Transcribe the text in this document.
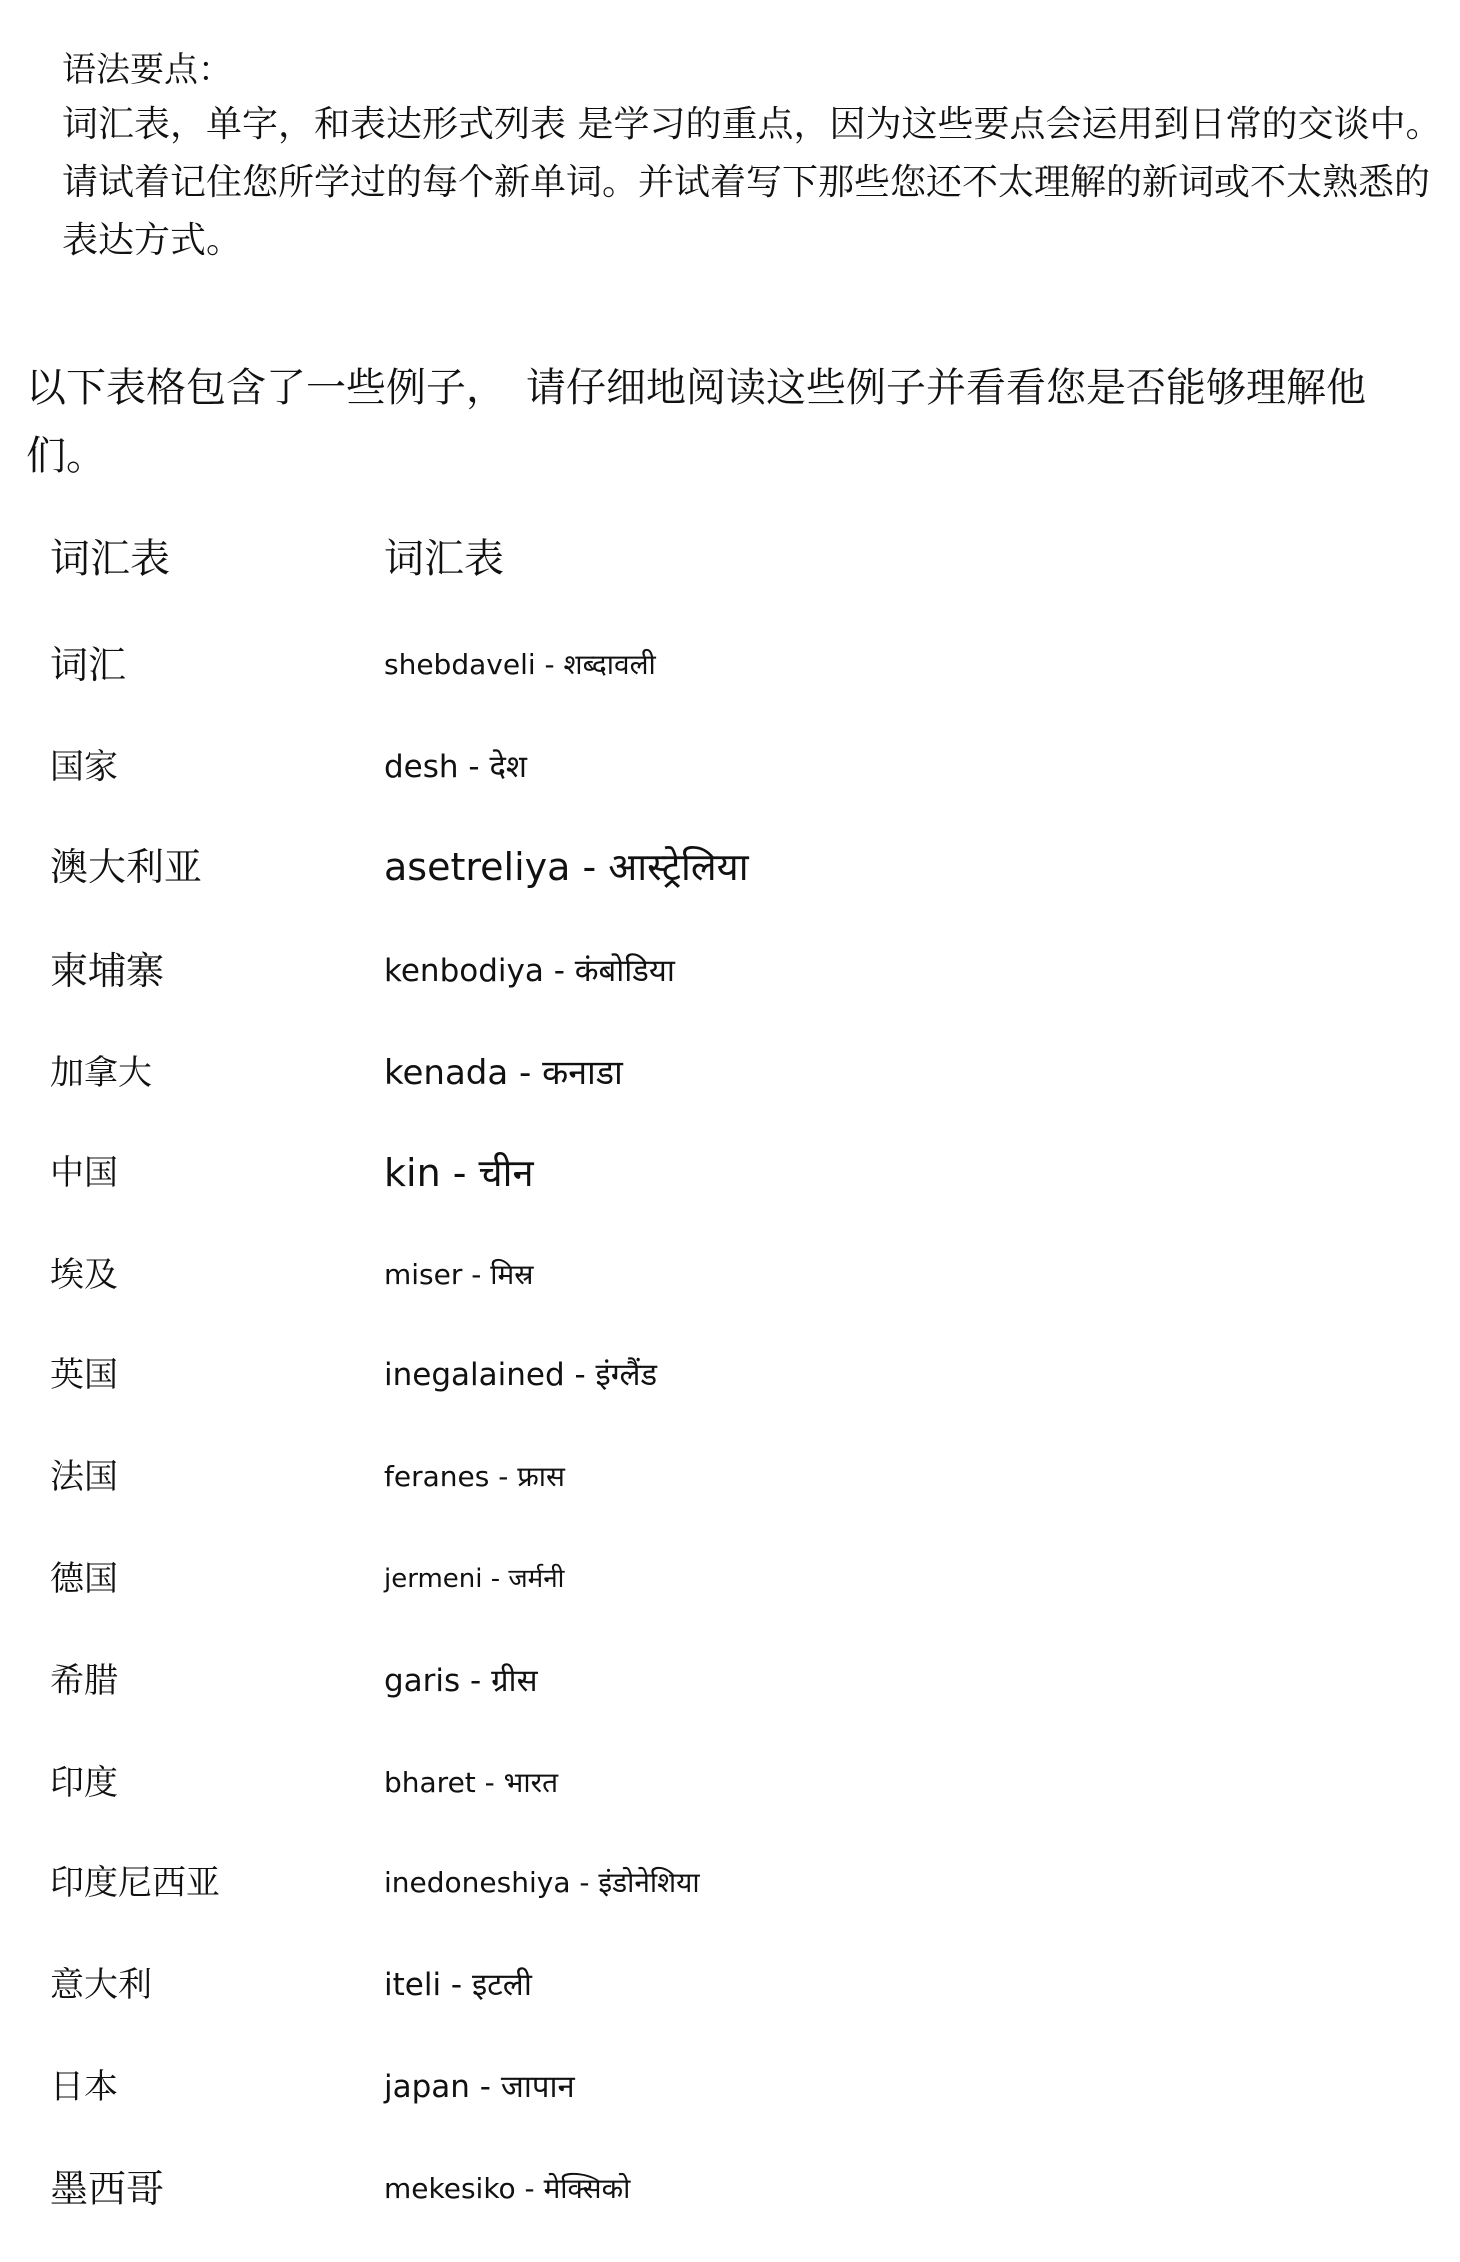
语法要点：

词汇表，单字，和表达形式列表 是学习的重点，因为这些要点会运用到日常的交谈中。请试着记住您所学过的每个新单词。并试着写下那些您还不太理解的新词或不太熟悉的表达方式。

以下表格包含了一些例子，　请仔细地阅读这些例子并看看您是否能够理解他们。

词汇表	词汇表
词汇	shebdaveli - शब्दावली
国家	desh - देश
澳大利亚	asetreliya - आस्ट्रेलिया
柬埔寨	kenbodiya - कंबोडिया
加拿大	kenada - कनाडा
中国	kin - चीन
埃及	miser - मिस्र
英国	inegalained - इंग्लैंड
法国	feranes - फ्रास
德国	jermeni - जर्मनी
希腊	garis - ग्रीस
印度	bharet - भारत
印度尼西亚	inedoneshiya - इंडोनेशिया
意大利	iteli - इटली
日本	japan - जापान
墨西哥	mekesiko - मेक्सिको
